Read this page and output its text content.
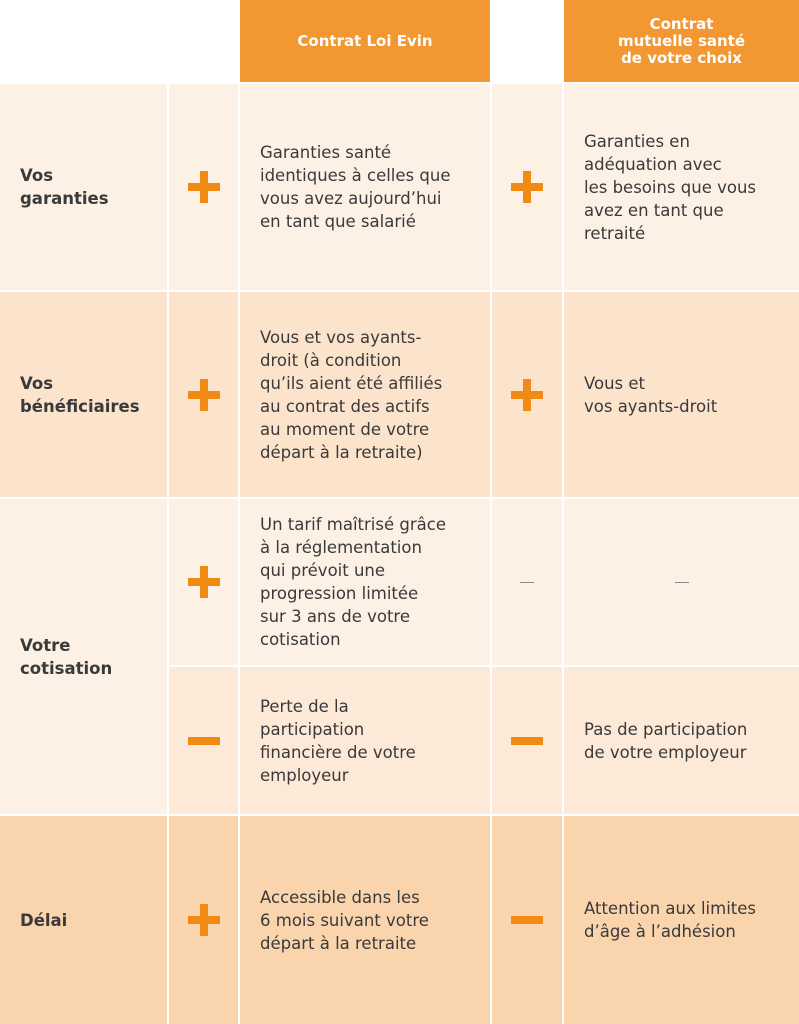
Contrat Loi Evin
Contrat
mutuelle santé
de votre choix
Vos
garanties
Garanties santé
identiques à celles que
vous avez aujourd’hui
en tant que salarié
Garanties en
adéquation avec
les besoins que vous
avez en tant que
retraité
Vos
bénéficiaires
Vous et vos ayants-
droit (à condition
qu’ils aient été affiliés
au contrat des actifs
au moment de votre
départ à la retraite)
Vous et
vos ayants-droit
Votre
cotisation
Un tarif maîtrisé grâce
à la réglementation
qui prévoit une
progression limitée
sur 3 ans de votre
cotisation
Perte de la
participation
financière de votre
employeur
Pas de participation
de votre employeur
Délai
Accessible dans les
6 mois suivant votre
départ à la retraite
Attention aux limites
d’âge à l’adhésion
